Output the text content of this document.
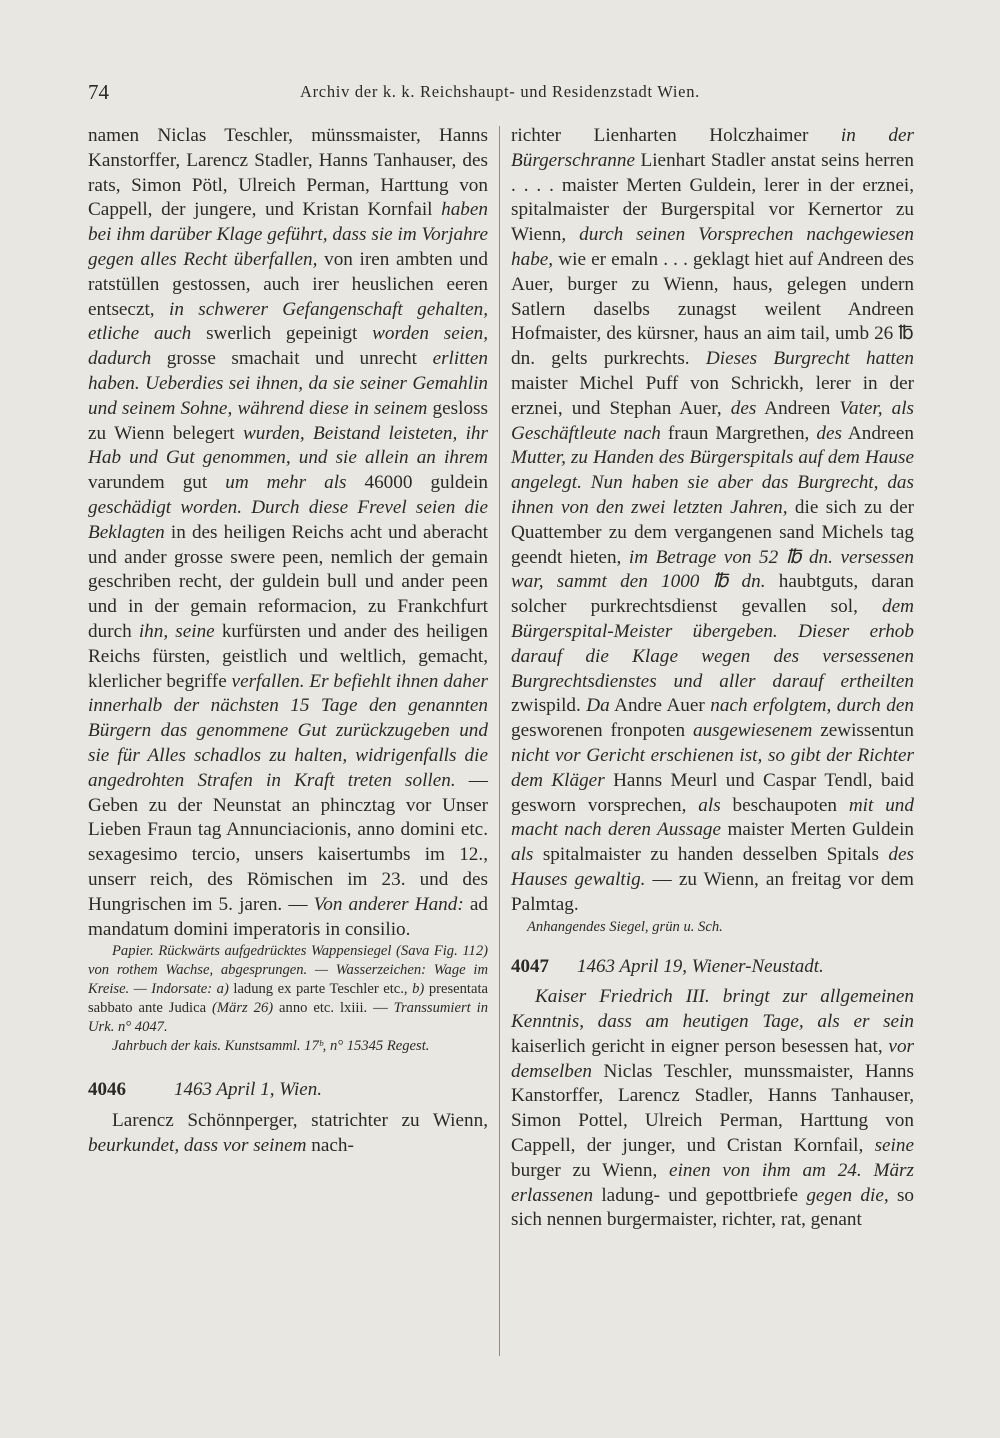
74	Archiv der k. k. Reichshaupt- und Residenzstadt Wien.

namen Niclas Teschler, münssmaister, Hanns Kanstorffer, Larencz Stadler, Hanns Tanhauser, des rats, Simon Pötl, Ulreich Perman, Harttung von Cappell, der jungere, und Kristan Kornfail haben bei ihm darüber Klage geführt, dass sie im Vorjahre gegen alles Recht überfallen, von iren ambten und ratstüllen gestossen, auch irer heuslichen eeren entseczt, in schwerer Gefangenschaft gehalten, etliche auch swerlich gepeinigt worden seien, dadurch grosse smachait und unrecht erlitten haben. Ueberdies sei ihnen, da sie seiner Gemahlin und seinem Sohne, während diese in seinem gesloss zu Wienn belegert wurden, Beistand leisteten, ihr Hab und Gut genommen, und sie allein an ihrem varundem gut um mehr als 46000 guldein geschädigt worden. Durch diese Frevel seien die Beklagten in des heiligen Reichs acht und aberacht und ander grosse swere peen, nemlich der gemain geschriben recht, der guldein bull und ander peen und in der gemain reformacion, zu Frankchfurt durch ihn, seine kurfürsten und ander des heiligen Reichs fürsten, geistlich und weltlich, gemacht, klerlicher begriffe verfallen. Er befiehlt ihnen daher innerhalb der nächsten 15 Tage den genannten Bürgern das genommene Gut zurückzugeben und sie für Alles schadlos zu halten, widrigenfalls die angedrohten Strafen in Kraft treten sollen. — Geben zu der Neunstat an phincztag vor Unser Lieben Fraun tag Annunciacionis, anno domini etc. sexagesimo tercio, unsers kaisertumbs im 12., unserr reich, des Römischen im 23. und des Hungrischen im 5. jaren. — Von anderer Hand: ad mandatum domini imperatoris in consilio.

Papier. Rückwärts aufgedrücktes Wappensiegel (Sava Fig. 112) von rothem Wachse, abgesprungen. — Wasserzeichen: Wage im Kreise. — Indorsate: a) ladung ex parte Teschler etc., b) presentata sabbato ante Judica (März 26) anno etc. lxiii. — Transsumiert in Urk. n° 4047.

Jahrbuch der kais. Kunstsamml. 17ᵇ, n° 15345 Regest.

4046	1463 April 1, Wien.

Larencz Schönnperger, statrichter zu Wienn, beurkundet, dass vor seinem nach-

richter Lienharten Holczhaimer in der Bürgerschranne Lienhart Stadler anstat seins herren . . . . maister Merten Guldein, lerer in der erznei, spitalmaister der Burgerspital vor Kernertor zu Wienn, durch seinen Vorsprechen nachgewiesen habe, wie er emaln . . . geklagt hiet auf Andreen des Auer, burger zu Wienn, haus, gelegen undern Satlern daselbs zunagst weilent Andreen Hofmaister, des kürsner, haus an aim tail, umb 26 ℔ dn. gelts purkrechts. Dieses Burgrecht hatten maister Michel Puff von Schrickh, lerer in der erznei, und Stephan Auer, des Andreen Vater, als Geschäftleute nach fraun Margrethen, des Andreen Mutter, zu Handen des Bürgerspitals auf dem Hause angelegt. Nun haben sie aber das Burgrecht, das ihnen von den zwei letzten Jahren, die sich zu der Quattember zu dem vergangenen sand Michels tag geendt hieten, im Betrage von 52 ℔ dn. versessen war, sammt den 1000 ℔ dn. haubtguts, daran solcher purkrechtsdienst gevallen sol, dem Bürgerspital-Meister übergeben. Dieser erhob darauf die Klage wegen des versessenen Burgrechtsdienstes und aller darauf ertheilten zwispild. Da Andre Auer nach erfolgtem, durch den gesworenen fronpoten ausgewiesenem zewissentun nicht vor Gericht erschienen ist, so gibt der Richter dem Kläger Hanns Meurl und Caspar Tendl, baid gesworn vorsprechen, als beschaupoten mit und macht nach deren Aussage maister Merten Guldein als spitalmaister zu handen desselben Spitals des Hauses gewaltig. — zu Wienn, an freitag vor dem Palmtag.

Anhangendes Siegel, grün u. Sch.

4047 1463 April 19, Wiener-Neustadt.

Kaiser Friedrich III. bringt zur allgemeinen Kenntnis, dass am heutigen Tage, als er sein kaiserlich gericht in eigner person besessen hat, vor demselben Niclas Teschler, munssmaister, Hanns Kanstorffer, Larencz Stadler, Hanns Tanhauser, Simon Pottel, Ulreich Perman, Harttung von Cappell, der junger, und Cristan Kornfail, seine burger zu Wienn, einen von ihm am 24. März erlassenen ladung- und gepottbriefe gegen die, so sich nennen burgermaister, richter, rat, genant
